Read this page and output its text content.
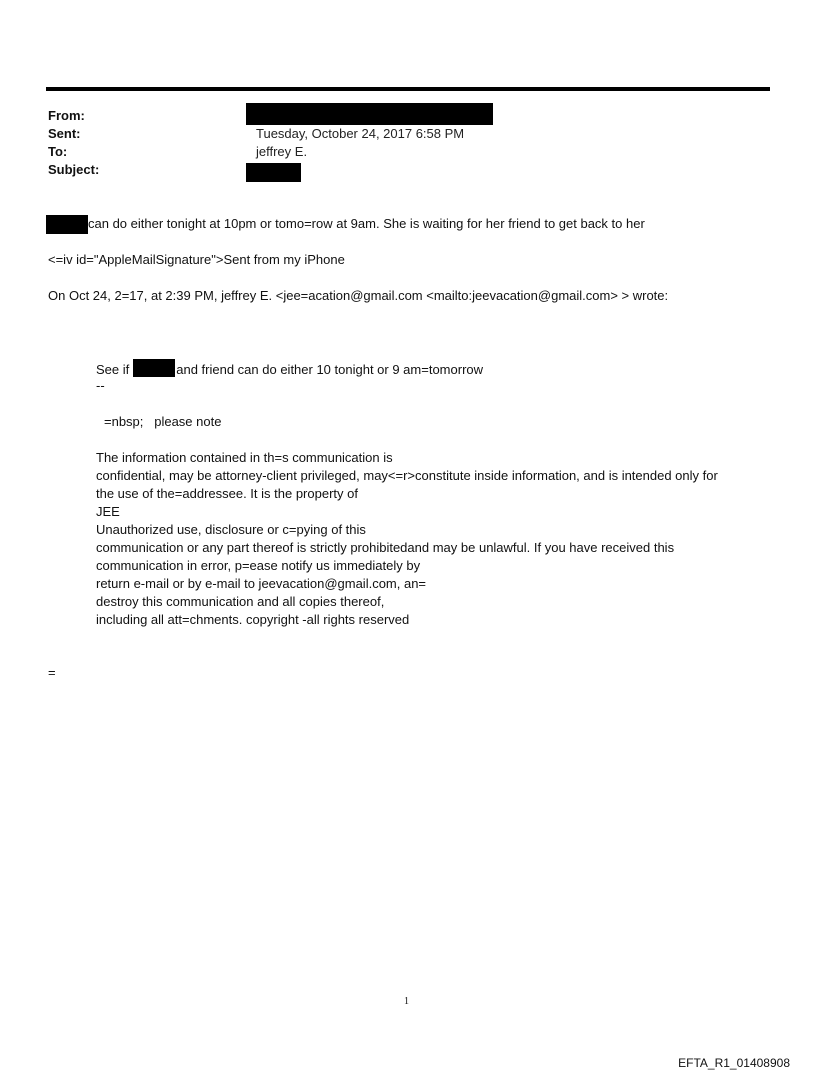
From:
Sent:	Tuesday, October 24, 2017 6:58 PM
To:	jeffrey E.
Subject:
can do either tonight at 10pm or tomo=row at 9am. She is waiting for her friend to get back to her
<=iv id="AppleMailSignature">Sent from my iPhone
On Oct 24, 2=17, at 2:39 PM, jeffrey E. <jee=acation@gmail.com <mailto:jeevacation@gmail.com> > wrote:
See if	and friend can do either 10 tonight or 9 am=tomorrow
--
=nbsp;   please note
The information contained in th=s communication is
confidential, may be attorney-client privileged, may<=r>constitute inside information, and is intended only for
the use of the=addressee. It is the property of
JEE
Unauthorized use, disclosure or c=pying of this
communication or any part thereof is strictly prohibitedand may be unlawful. If you have received this
communication in error, p=ease notify us immediately by
return e-mail or by e-mail to jeevacation@gmail.com, an=
destroy this communication and all copies thereof,
including all att=chments. copyright -all rights reserved
=
1
EFTA_R1_01408908
